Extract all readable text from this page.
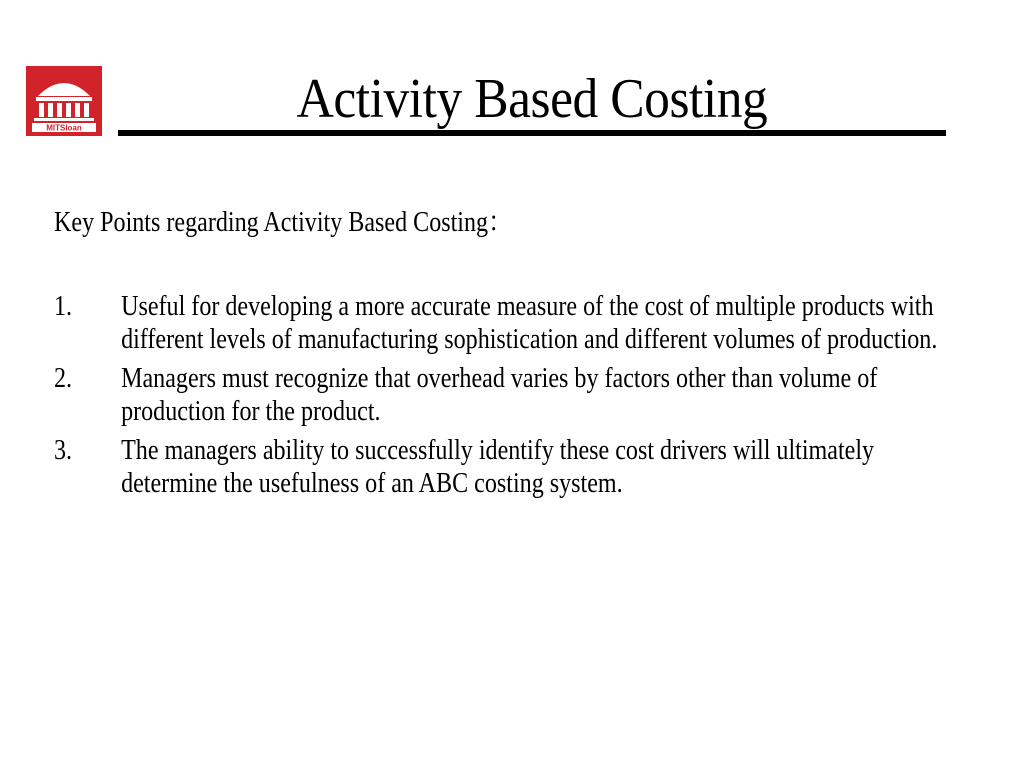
MITSloan	Activity Based Costing
Key Points regarding Activity Based Costing：
1.	Useful for developing a more accurate measure of the cost of multiple products with different levels of manufacturing sophistication and different volumes of production.
2.	Managers must recognize that overhead varies by factors other than volume of production for the product.
3.	The managers ability to successfully identify these cost drivers will ultimately determine the usefulness of an ABC costing system.
